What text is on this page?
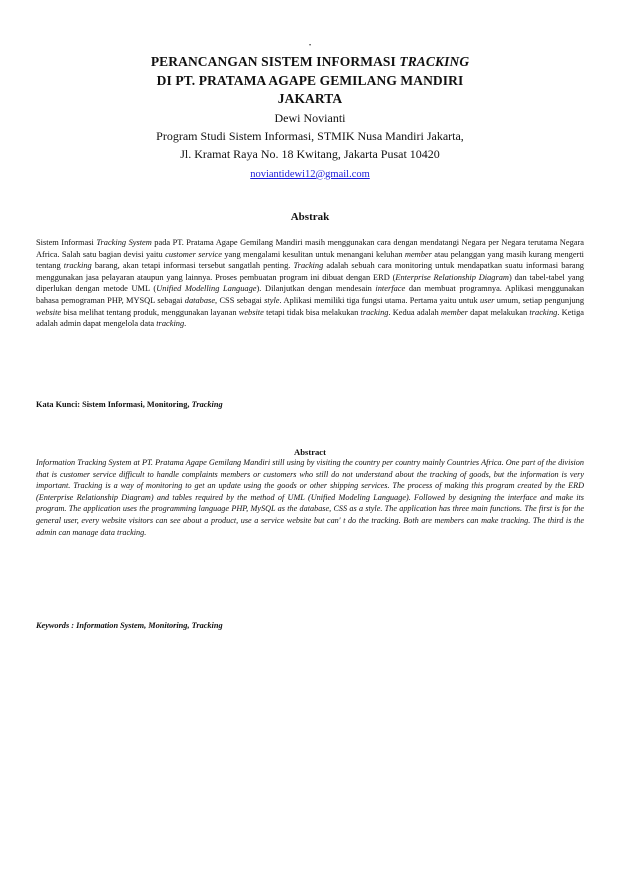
•
PERANCANGAN SISTEM INFORMASI TRACKING
DI PT. PRATAMA AGAPE GEMILANG MANDIRI
JAKARTA
Dewi Novianti
Program Studi Sistem Informasi, STMIK Nusa Mandiri Jakarta,
Jl. Kramat Raya No. 18 Kwitang, Jakarta Pusat 10420
noviantidewi12@gmail.com
Abstrak
Sistem Informasi Tracking System pada PT. Pratama Agape Gemilang Mandiri masih menggunakan cara dengan mendatangi Negara per Negara terutama Negara Africa. Salah satu bagian devisi yaitu customer service yang mengalami kesulitan untuk menangani keluhan member atau pelanggan yang masih kurang mengerti tentang tracking barang, akan tetapi informasi tersebut sangatlah penting. Tracking adalah sebuah cara monitoring untuk mendapatkan suatu informasi barang menggunakan jasa pelayaran ataupun yang lainnya. Proses pembuatan program ini dibuat dengan ERD (Enterprise Relationship Diagram) dan tabel-tabel yang diperlukan dengan metode UML (Unified Modelling Language). Dilanjutkan dengan mendesain interface dan membuat programnya. Aplikasi menggunakan bahasa pemograman PHP, MYSQL sebagai database, CSS sebagai style. Aplikasi memiliki tiga fungsi utama. Pertama yaitu untuk user umum, setiap pengunjung website bisa melihat tentang produk, menggunakan layanan website tetapi tidak bisa melakukan tracking. Kedua adalah member dapat melakukan tracking. Ketiga adalah admin dapat mengelola data tracking.
Kata Kunci: Sistem Informasi, Monitoring, Tracking
Abstract
Information Tracking System at PT. Pratama Agape Gemilang Mandiri still using by visiting the country per country mainly Countries Africa. One part of the division that is customer service difficult to handle complaints members or customers who still do not understand about the tracking of goods, but the information is very important. Tracking is a way of monitoring to get an update using the goods or other shipping services. The process of making this program created by the ERD (Enterprise Relationship Diagram) and tables required by the method of UML (Unified Modeling Language). Followed by designing the interface and make its program. The application uses the programming language PHP, MySQL as the database, CSS as a style. The application has three main functions. The first is for the general user, every website visitors can see about a product, use a service website but can' t do the tracking. Both are members can make tracking. The third is the admin can manage data tracking.
Keywords : Information System, Monitoring, Tracking
